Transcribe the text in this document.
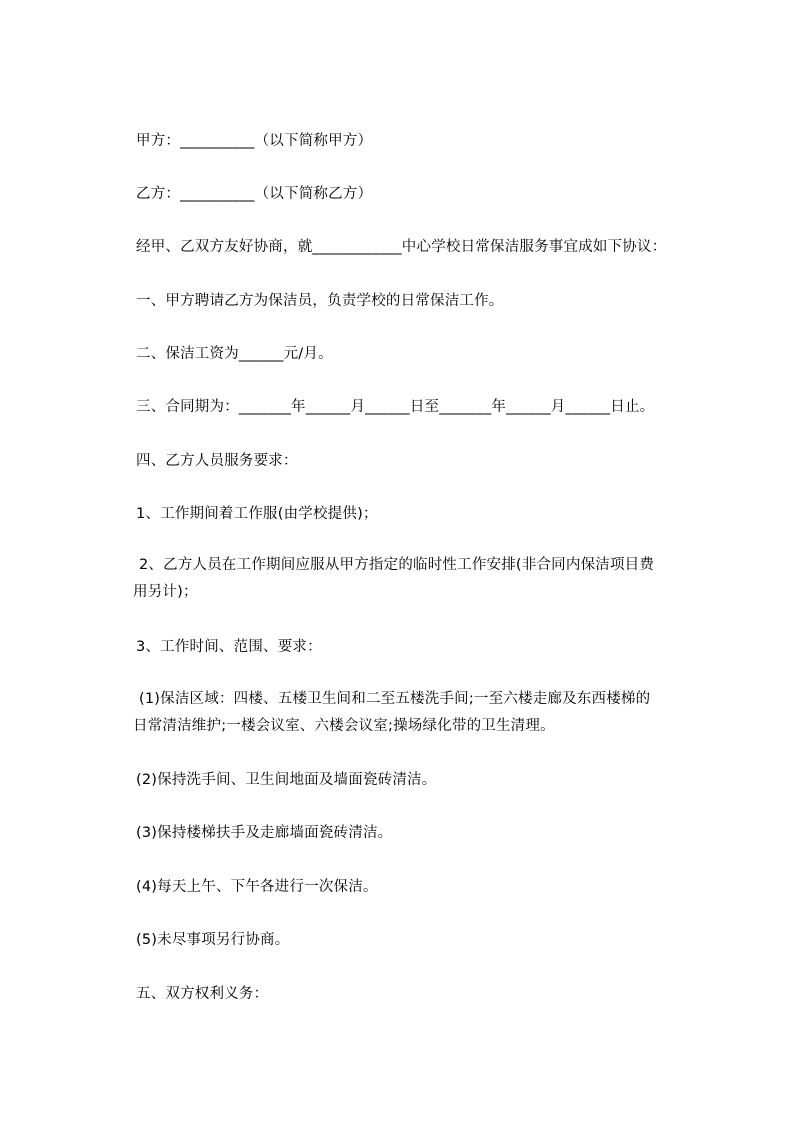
甲方：__________（以下简称甲方）
乙方：__________（以下简称乙方）
经甲、乙双方友好协商，就____________中心学校日常保洁服务事宜成如下协议：
一、甲方聘请乙方为保洁员，负责学校的日常保洁工作。
二、保洁工资为______元/月。
三、合同期为：_______年______月______日至_______年______月______日止。
四、乙方人员服务要求：
1、工作期间着工作服(由学校提供)；
2、乙方人员在工作期间应服从甲方指定的临时性工作安排(非合同内保洁项目费
用另计)；
3、工作时间、范围、要求：
(1)保洁区域：四楼、五楼卫生间和二至五楼洗手间;一至六楼走廊及东西楼梯的
日常清洁维护;一楼会议室、六楼会议室;操场绿化带的卫生清理。
(2)保持洗手间、卫生间地面及墙面瓷砖清洁。
(3)保持楼梯扶手及走廊墙面瓷砖清洁。
(4)每天上午、下午各进行一次保洁。
(5)未尽事项另行协商。
五、双方权利义务：
